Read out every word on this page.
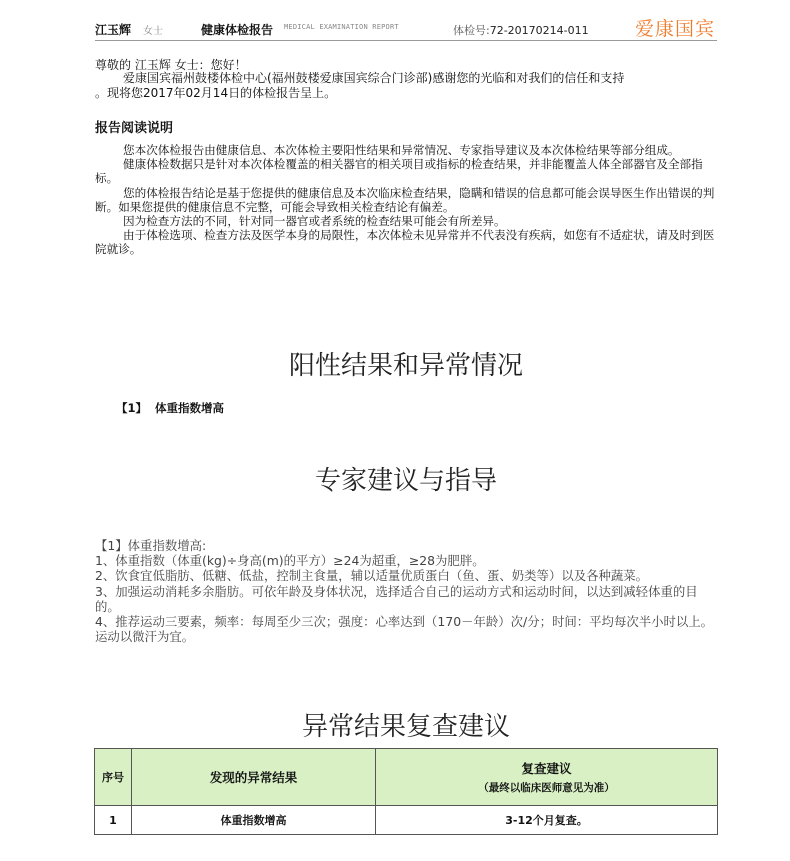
江玉辉 女士	健康体检报告 MEDICAL EXAMINATION REPORT	体检号:72-20170214-011 爱康国宾
尊敬的 江玉辉 女士：您好！
爱康国宾福州鼓楼体检中心(福州鼓楼爱康国宾综合门诊部)感谢您的光临和对我们的信任和支持
。现将您2017年02月14日的体检报告呈上。
报告阅读说明

您本次体检报告由健康信息、本次体检主要阳性结果和异常情况、专家指导建议及本次体检结果等部分组成。

健康体检数据只是针对本次体检覆盖的相关器官的相关项目或指标的检查结果，并非能覆盖人体全部器官及全部指标。

您的体检报告结论是基于您提供的健康信息及本次临床检查结果，隐瞒和错误的信息都可能会误导医生作出错误的判断。如果您提供的健康信息不完整，可能会导致相关检查结论有偏差。

因为检查方法的不同，针对同一器官或者系统的检查结果可能会有所差异。

由于体检选项、检查方法及医学本身的局限性，本次体检未见异常并不代表没有疾病，如您有不适症状，请及时到医院就诊。

阳性结果和异常情况
【1】 体重指数增高
专家建议与指导
【1】体重指数增高:
1、体重指数（体重(kg)÷身高(m)的平方）≥24为超重，≥28为肥胖。
2、饮食宜低脂肪、低糖、低盐，控制主食量，辅以适量优质蛋白（鱼、蛋、奶类等）以及各种蔬菜。
3、加强运动消耗多余脂肪。可依年龄及身体状况，选择适合自己的运动方式和运动时间，以达到减轻体重的目的。
4、推荐运动三要素，频率：每周至少三次；强度：心率达到（170－年龄）次/分；时间：平均每次半小时以上。运动以微汗为宜。
异常结果复查建议
序号	发现的异常结果	复查建议
（最终以临床医师意见为准）

1	体重指数增高	3-12个月复查。
